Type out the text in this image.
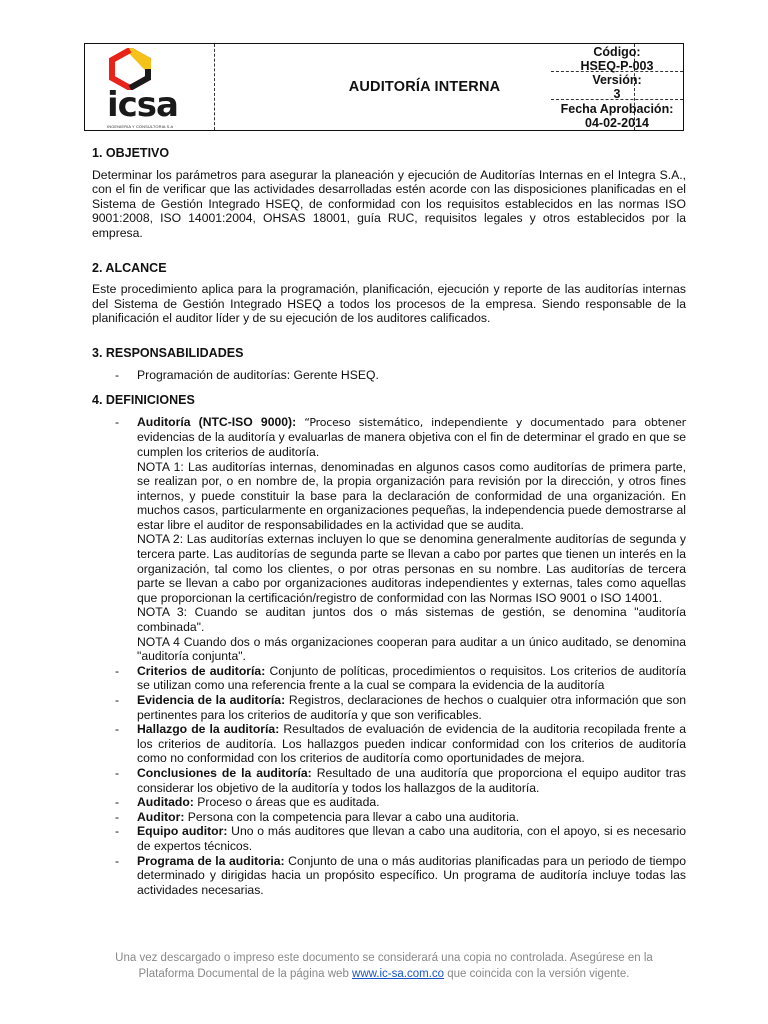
icsa
INGENIERIA Y CONSULTORIA S.A
AUDITORÍA INTERNA
Código:
HSEQ-P-003
Versión:
3
Fecha Aprobación:
04-02-2014
1. OBJETIVO

Determinar los parámetros para asegurar la planeación y ejecución de Auditorías Internas en el Integra S.A., con el fin de verificar que las actividades desarrolladas estén acorde con las disposiciones planificadas en el Sistema de Gestión Integrado HSEQ, de conformidad con los requisitos establecidos en las normas ISO 9001:2008, ISO 14001:2004, OHSAS 18001, guía RUC, requisitos legales y otros establecidos por la empresa.

2. ALCANCE

Este procedimiento aplica para la programación, planificación, ejecución y reporte de las auditorías internas del Sistema de Gestión Integrado HSEQ a todos los procesos de la empresa. Siendo responsable de la planificación el auditor líder y de su ejecución de los auditores calificados.

3. RESPONSABILIDADES
- Programación de auditorías: Gerente HSEQ.
4. DEFINICIONES
- Auditoría (NTC-ISO 9000): “Proceso sistemático, independiente y documentado para obtener evidencias de la auditoría y evaluarlas de manera objetiva con el fin de determinar el grado en que se cumplen los criterios de auditoría.
NOTA 1: Las auditorías internas, denominadas en algunos casos como auditorías de primera parte, se realizan por, o en nombre de, la propia organización para revisión por la dirección, y otros fines internos, y puede constituir la base para la declaración de conformidad de una organización. En muchos casos, particularmente en organizaciones pequeñas, la independencia puede demostrarse al estar libre el auditor de responsabilidades en la actividad que se audita.
NOTA 2: Las auditorías externas incluyen lo que se denomina generalmente auditorías de segunda y tercera parte. Las auditorías de segunda parte se llevan a cabo por partes que tienen un interés en la organización, tal como los clientes, o por otras personas en su nombre. Las auditorías de tercera parte se llevan a cabo por organizaciones auditoras independientes y externas, tales como aquellas que proporcionan la certificación/registro de conformidad con las Normas ISO 9001 o ISO 14001.
NOTA 3: Cuando se auditan juntos dos o más sistemas de gestión, se denomina "auditoría combinada".
NOTA 4 Cuando dos o más organizaciones cooperan para auditar a un único auditado, se denomina "auditoría conjunta".
- Criterios de auditoría: Conjunto de políticas, procedimientos o requisitos. Los criterios de auditoría se utilizan como una referencia frente a la cual se compara la evidencia de la auditoría
- Evidencia de la auditoría: Registros, declaraciones de hechos o cualquier otra información que son pertinentes para los criterios de auditoría y que son verificables.
- Hallazgo de la auditoría: Resultados de evaluación de evidencia de la auditoria recopilada frente a los criterios de auditoría. Los hallazgos pueden indicar conformidad con los criterios de auditoría como no conformidad con los criterios de auditoría como oportunidades de mejora.
- Conclusiones de la auditoría: Resultado de una auditoría que proporciona el equipo auditor tras considerar los objetivo de la auditoría y todos los hallazgos de la auditoría.
- Auditado: Proceso o áreas que es auditada.
- Auditor: Persona con la competencia para llevar a cabo una auditoria.
- Equipo auditor: Uno o más auditores que llevan a cabo una auditoria, con el apoyo, si es necesario de expertos técnicos.
- Programa de la auditoria: Conjunto de una o más auditorias planificadas para un periodo de tiempo determinado y dirigidas hacia un propósito específico. Un programa de auditoría incluye todas las actividades necesarias.
Una vez descargado o impreso este documento se considerará una copia no controlada. Asegúrese en la
Plataforma Documental de la página web www.ic-sa.com.co que coincida con la versión vigente.
